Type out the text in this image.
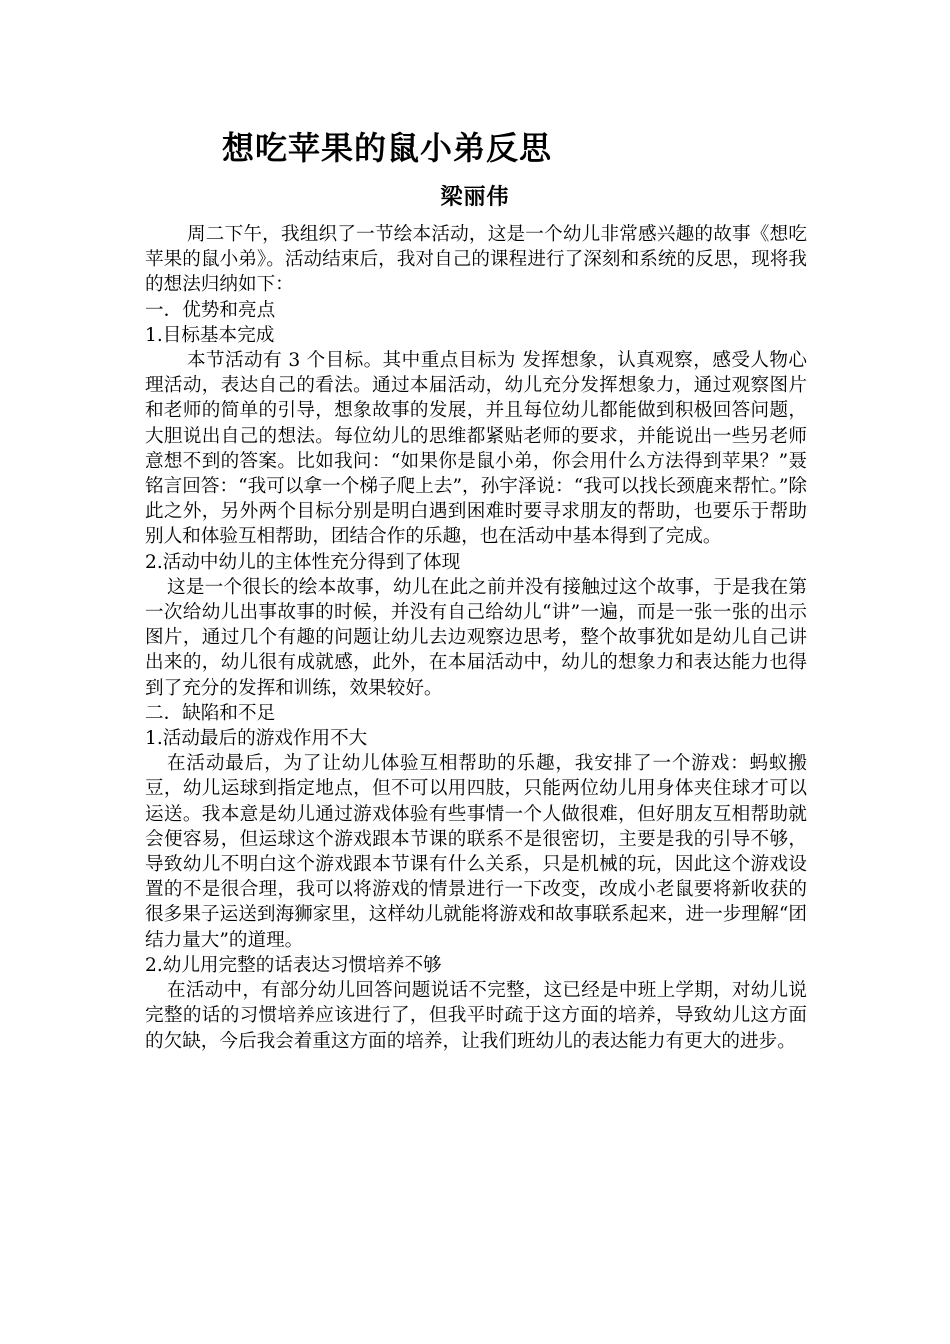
想吃苹果的鼠小弟反思
梁丽伟

周二下午，我组织了一节绘本活动，这是一个幼儿非常感兴趣的故事《想吃苹果的鼠小弟》。活动结束后，我对自己的课程进行了深刻和系统的反思，现将我的想法归纳如下：

一．优势和亮点

1.目标基本完成

本节活动有 3 个目标。其中重点目标为 发挥想象，认真观察，感受人物心理活动，表达自己的看法。通过本届活动，幼儿充分发挥想象力，通过观察图片和老师的简单的引导，想象故事的发展，并且每位幼儿都能做到积极回答问题，大胆说出自己的想法。每位幼儿的思维都紧贴老师的要求，并能说出一些另老师意想不到的答案。比如我问：“如果你是鼠小弟，你会用什么方法得到苹果？”聂铭言回答：“我可以拿一个梯子爬上去”，孙宇泽说：“我可以找长颈鹿来帮忙。”除此之外，另外两个目标分别是明白遇到困难时要寻求朋友的帮助，也要乐于帮助别人和体验互相帮助，团结合作的乐趣，也在活动中基本得到了完成。

2.活动中幼儿的主体性充分得到了体现

这是一个很长的绘本故事，幼儿在此之前并没有接触过这个故事，于是我在第一次给幼儿出事故事的时候，并没有自己给幼儿“讲”一遍，而是一张一张的出示图片，通过几个有趣的问题让幼儿去边观察边思考，整个故事犹如是幼儿自己讲出来的，幼儿很有成就感，此外，在本届活动中，幼儿的想象力和表达能力也得到了充分的发挥和训练，效果较好。

二．缺陷和不足

1.活动最后的游戏作用不大

在活动最后，为了让幼儿体验互相帮助的乐趣，我安排了一个游戏：蚂蚁搬豆，幼儿运球到指定地点，但不可以用四肢，只能两位幼儿用身体夹住球才可以运送。我本意是幼儿通过游戏体验有些事情一个人做很难，但好朋友互相帮助就会便容易，但运球这个游戏跟本节课的联系不是很密切，主要是我的引导不够，导致幼儿不明白这个游戏跟本节课有什么关系，只是机械的玩，因此这个游戏设置的不是很合理，我可以将游戏的情景进行一下改变，改成小老鼠要将新收获的很多果子运送到海狮家里，这样幼儿就能将游戏和故事联系起来，进一步理解“团结力量大”的道理。

2.幼儿用完整的话表达习惯培养不够

在活动中，有部分幼儿回答问题说话不完整，这已经是中班上学期，对幼儿说完整的话的习惯培养应该进行了，但我平时疏于这方面的培养，导致幼儿这方面的欠缺，今后我会着重这方面的培养，让我们班幼儿的表达能力有更大的进步。
